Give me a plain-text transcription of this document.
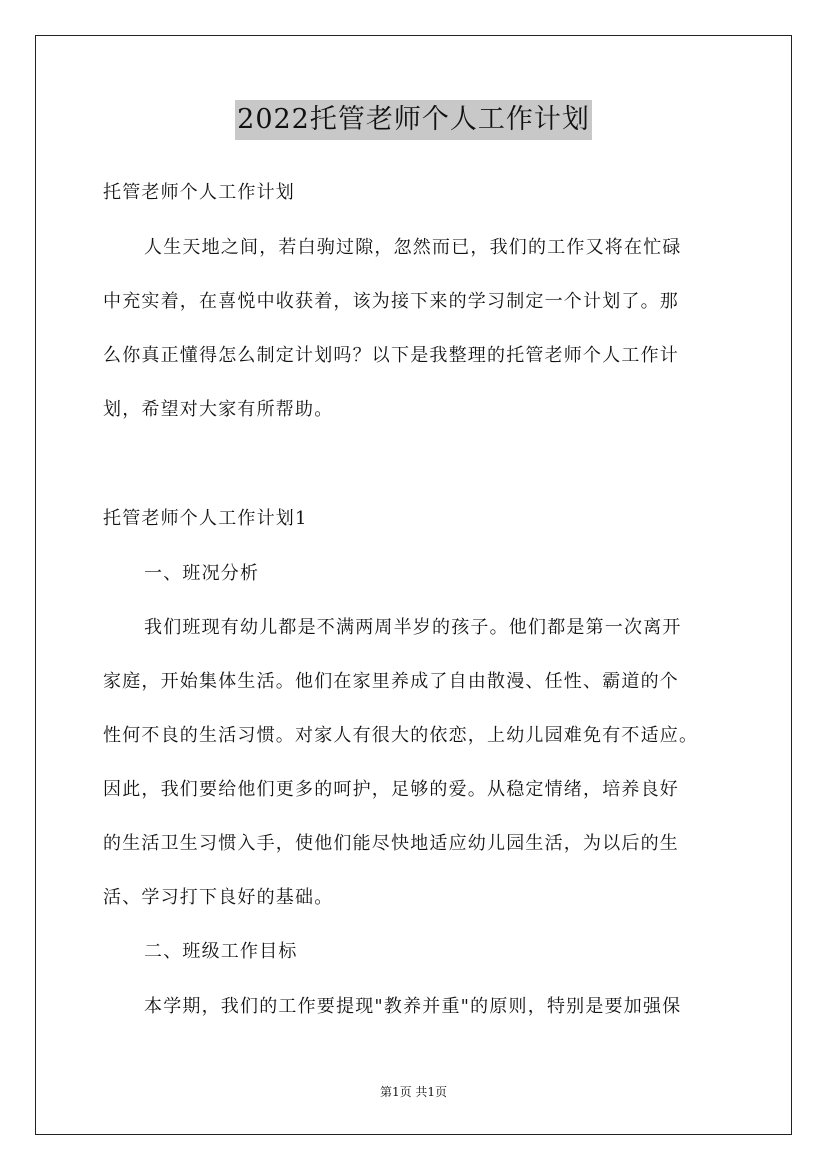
2022托管老师个人工作计划
托管老师个人工作计划
人生天地之间，若白驹过隙，忽然而已，我们的工作又将在忙碌
中充实着，在喜悦中收获着，该为接下来的学习制定一个计划了。那
么你真正懂得怎么制定计划吗？以下是我整理的托管老师个人工作计
划，希望对大家有所帮助。
托管老师个人工作计划1
一、班况分析
我们班现有幼儿都是不满两周半岁的孩子。他们都是第一次离开
家庭，开始集体生活。他们在家里养成了自由散漫、任性、霸道的个
性何不良的生活习惯。对家人有很大的依恋，上幼儿园难免有不适应。
因此，我们要给他们更多的呵护，足够的爱。从稳定情绪，培养良好
的生活卫生习惯入手，使他们能尽快地适应幼儿园生活，为以后的生
活、学习打下良好的基础。
二、班级工作目标
本学期，我们的工作要提现"教养并重"的原则，特别是要加强保
第1页 共1页
